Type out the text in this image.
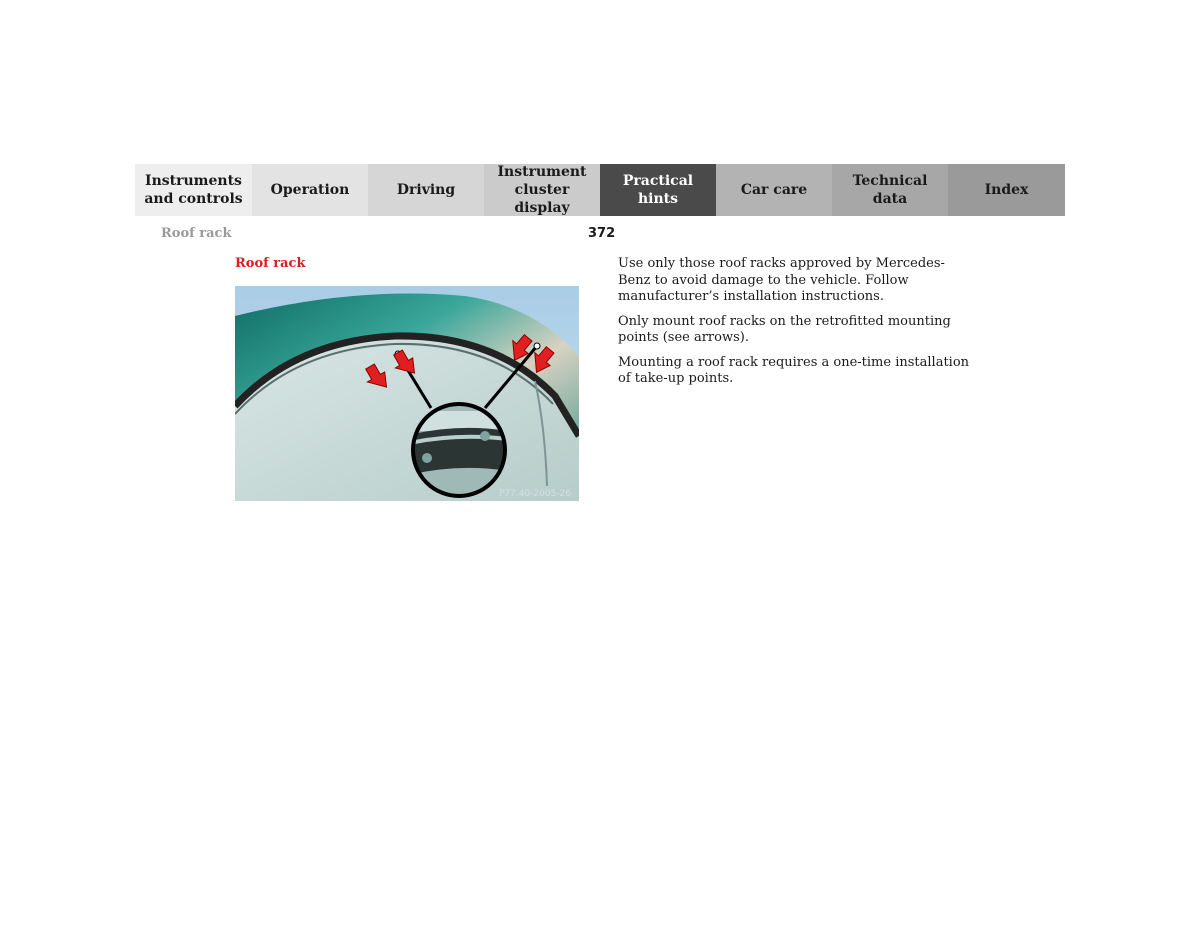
Instruments
and controls
Operation	Driving
Instrument
cluster display
Practical hints
Car care
Technical
data
Index
Roof rack	372
Roof rack
P77.40-2005-26

Use only those roof racks approved by Mercedes-Benz to avoid damage to the vehicle. Follow manufacturer’s installation instructions.

Only mount roof racks on the retrofitted mounting points (see arrows).

Mounting a roof rack requires a one-time installation of take-up points.
